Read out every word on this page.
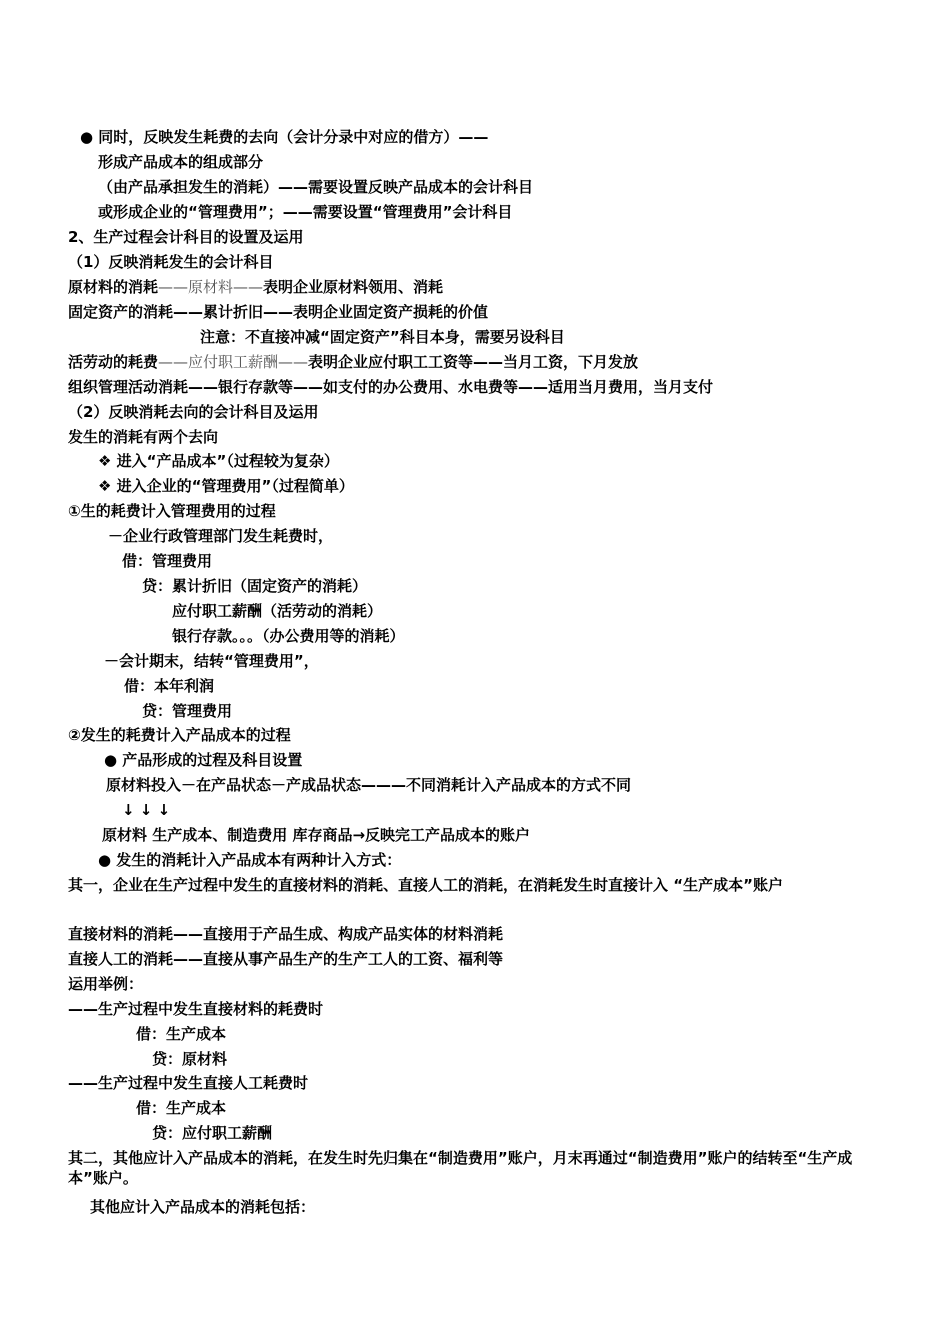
● 同时，反映发生耗费的去向（会计分录中对应的借方）——
形成产品成本的组成部分
（由产品承担发生的消耗）——需要设置反映产品成本的会计科目
或形成企业的“管理费用”；——需要设置“管理费用”会计科目
2、生产过程会计科目的设置及运用
（1）反映消耗发生的会计科目
原材料的消耗——原材料——表明企业原材料领用、消耗
固定资产的消耗——累计折旧——表明企业固定资产损耗的价值
注意：不直接冲减“固定资产”科目本身，需要另设科目
活劳动的耗费——应付职工薪酬——表明企业应付职工工资等——当月工资，下月发放
组织管理活动消耗——银行存款等——如支付的办公费用、水电费等——适用当月费用，当月支付
（2）反映消耗去向的会计科目及运用
发生的消耗有两个去向
❖ 进入“产品成本”（过程较为复杂）
❖ 进入企业的“管理费用”（过程简单）
①生的耗费计入管理费用的过程
－企业行政管理部门发生耗费时，
借：管理费用
贷：累计折旧（固定资产的消耗）
应付职工薪酬（活劳动的消耗）
银行存款。。。（办公费用等的消耗）
－会计期末，结转“管理费用”，
借：本年利润
贷：管理费用
②发生的耗费计入产品成本的过程
● 产品形成的过程及科目设置
原材料投入－在产品状态－产成品状态———不同消耗计入产品成本的方式不同
↓ ↓ ↓
原材料 生产成本、制造费用 库存商品→反映完工产品成本的账户
● 发生的消耗计入产品成本有两种计入方式：
其一，企业在生产过程中发生的直接材料的消耗、直接人工的消耗，在消耗发生时直接计入 “生产成本”账户
直接材料的消耗——直接用于产品生成、构成产品实体的材料消耗
直接人工的消耗——直接从事产品生产的生产工人的工资、福利等
运用举例：
——生产过程中发生直接材料的耗费时
借：生产成本
贷：原材料
——生产过程中发生直接人工耗费时
借：生产成本
贷：应付职工薪酬
其二，其他应计入产品成本的消耗，在发生时先归集在“制造费用”账户，月末再通过“制造费用”账户的结转至“生产成本”账户。
其他应计入产品成本的消耗包括：
